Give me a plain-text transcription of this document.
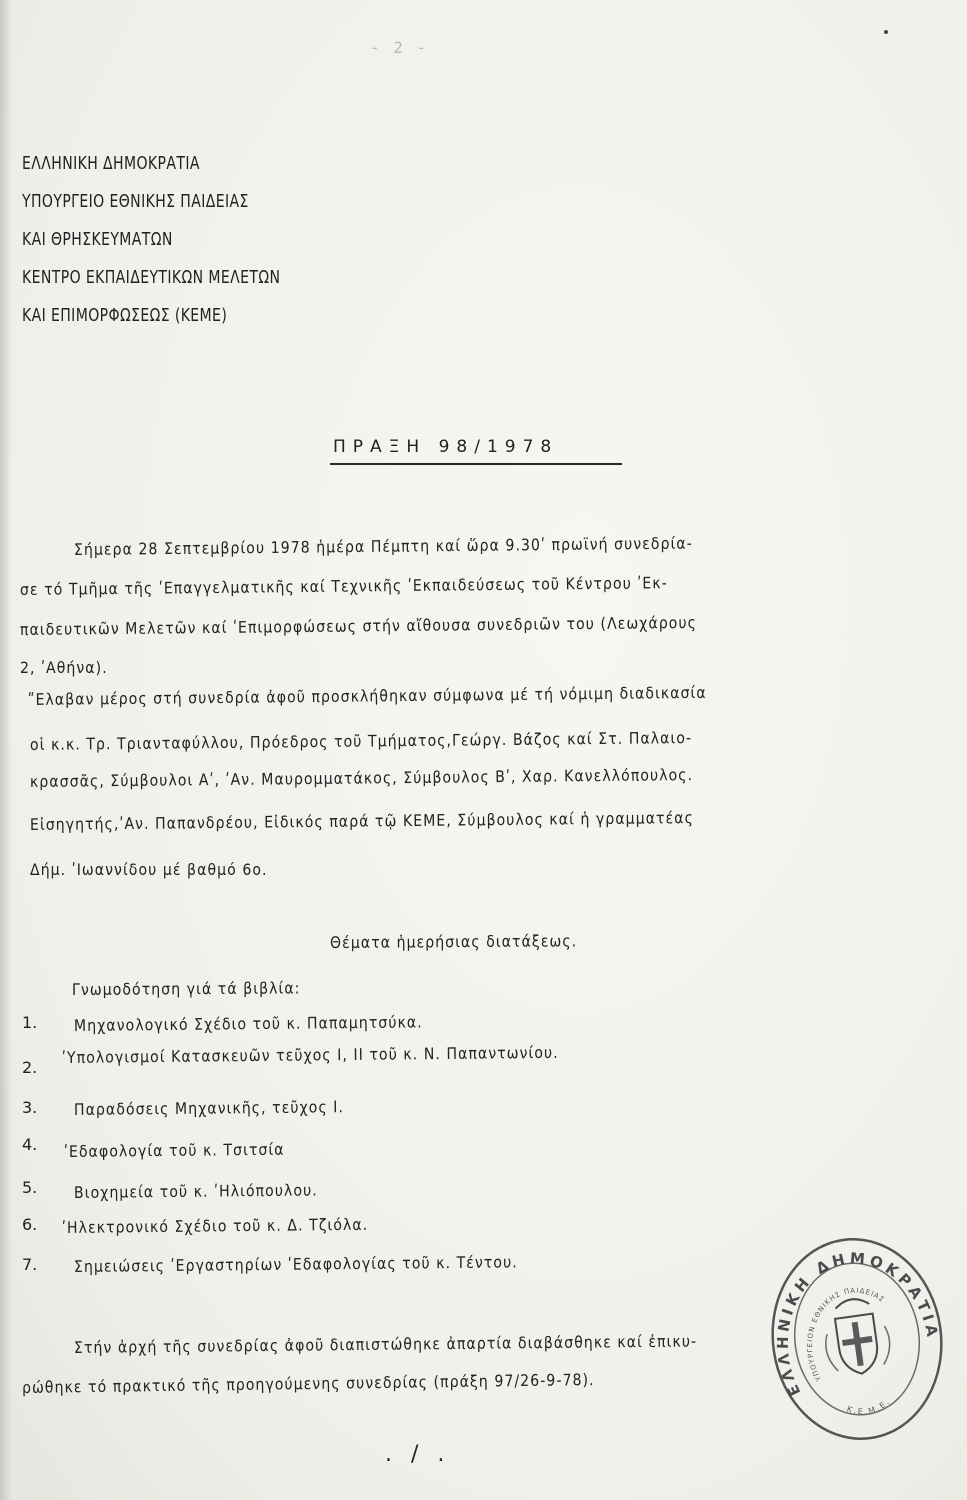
- 2 -
ΕΛΛΗΝΙΚΗ ΔΗΜΟΚΡΑΤΙΑ
ΥΠΟΥΡΓΕΙΟ ΕΘΝΙΚΗΣ ΠΑΙΔΕΙΑΣ
ΚΑΙ ΘΡΗΣΚΕΥΜΑΤΩΝ
ΚΕΝΤΡΟ ΕΚΠΑΙΔΕΥΤΙΚΩΝ ΜΕΛΕΤΩΝ
ΚΑΙ ΕΠΙΜΟΡΦΩΣΕΩΣ (ΚΕΜΕ)
ΠΡΑΞΗ 98/1978
Σήμερα 28 Σεπτεμβρίου 1978 ἡμέρα Πέμπτη καί ὥρα 9.30ʹ πρωϊνή συνεδρία-
σε τό Τμῆμα τῆς ʹΕπαγγελματικῆς καί Τεχνικῆς ʹΕκπαιδεύσεως τοῦ Κέντρου ʹΕκ-
παιδευτικῶν Μελετῶν καί ʹΕπιμορφώσεως στήν αἴθουσα συνεδριῶν του (Λεωχάρους
2, ʹΑθήνα).
ʺΕλαβαν μέρος στή συνεδρία ἀφοῦ προσκλήθηκαν σύμφωνα μέ τή νόμιμη διαδικασία
οἱ κ.κ. Τρ. Τριανταφύλλου, Πρόεδρος τοῦ Τμήματος,Γεώργ. Βάζος καί Στ. Παλαιο-
κρασσᾶς, Σύμβουλοι Αʹ, ʹΑν. Μαυρομματάκος, Σύμβουλος Βʹ, Χαρ. Κανελλόπουλος.
Εἰσηγητής,ʹΑν. Παπανδρέου, Εἰδικός παρά τῷ ΚΕΜΕ, Σύμβουλος καί ἡ γραμματέας
Δήμ. ʹΙωαννίδου μέ βαθμό 6ο.
Θέματα ἡμερήσιας διατάξεως.
Γνωμοδότηση γιά τά βιβλία:
1. Μηχανολογικό Σχέδιο τοῦ κ. Παπαμητσύκα.
2.
ʹΥπολογισμοί Κατασκευῶν τεῦχος Ι, ΙΙ τοῦ κ. Ν. Παπαντωνίου.
3. Παραδόσεις Μηχανικῆς, τεῦχος Ι.
4. ʹΕδαφολογία τοῦ κ. Τσιτσία
5. Βιοχημεία τοῦ κ. ʹΗλιόπουλου.
6. ʹΗλεκτρονικό Σχέδιο τοῦ κ. Δ. Τζιόλα.
7. Σημειώσεις ʹΕργαστηρίων ʹΕδαφολογίας τοῦ κ. Τέντου.
Στήν ἀρχή τῆς συνεδρίας ἀφοῦ διαπιστώθηκε ἀπαρτία διαβάσθηκε καί ἐπικυ-
ρώθηκε τό πρακτικό τῆς προηγούμενης συνεδρίας (πράξη 97/26-9-78).	ΕΛΛΗΝΙΚΗ ΔΗΜΟΚΡΑΤΙΑ
ΥΠΟΥΡΓΕΙΟΝ ΕΘΝΙΚΗΣ ΠΑΙΔΕΙΑΣ
Κ.Ε.Μ.Ε.
. / .
